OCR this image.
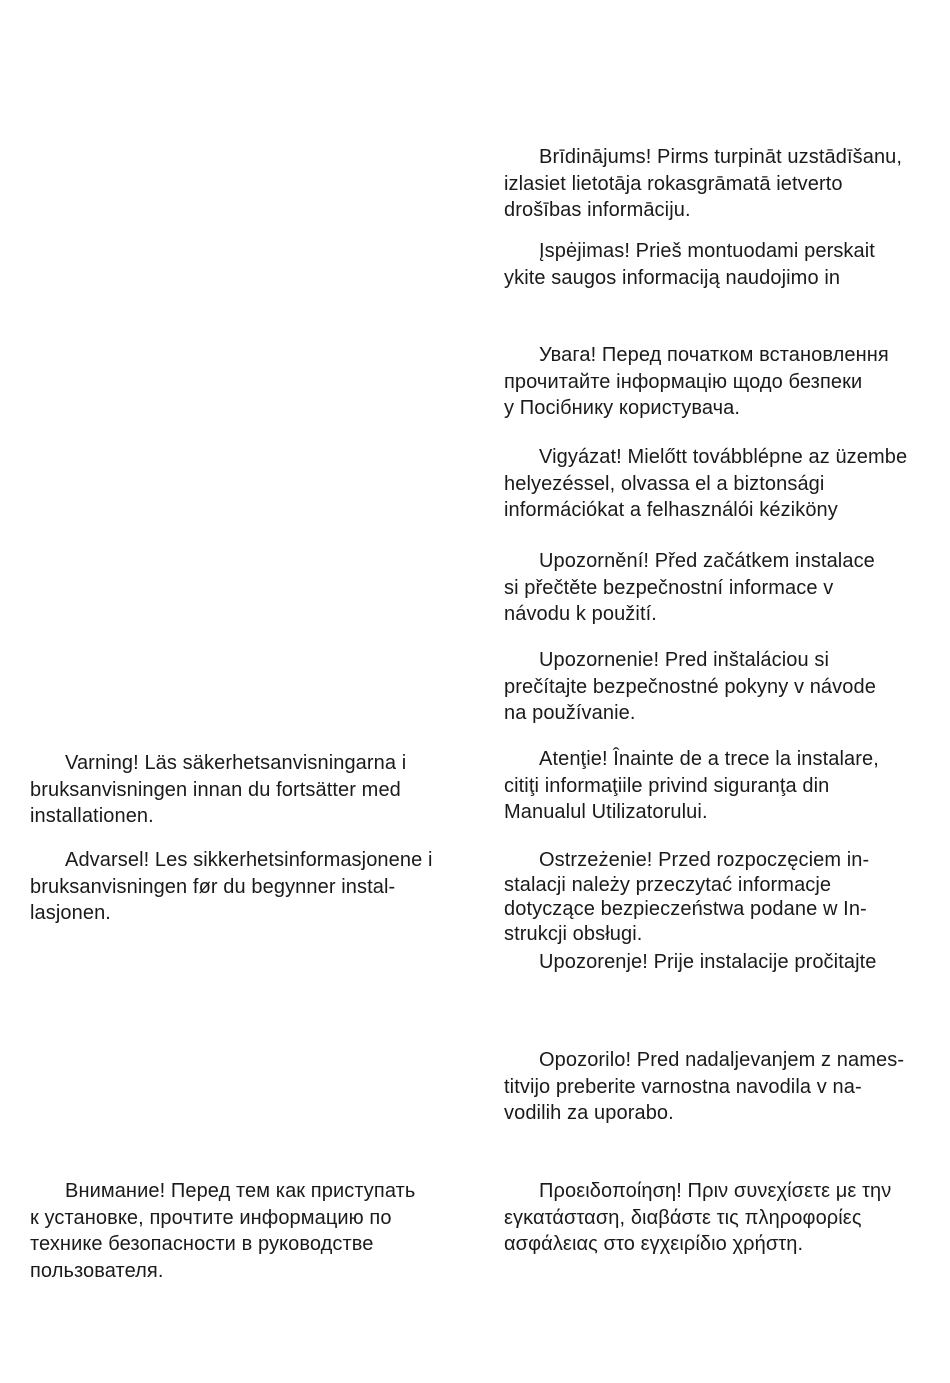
Brīdinājums! Pirms turpināt uzstādīšanu,
izlasiet lietotāja rokasgrāmatā ietverto
drošības informāciju.

Įspėjimas! Prieš montuodami perskait
ykite saugos informaciją naudojimo in

Увага! Перед початком встановлення
прочитайте інформацію щодо безпеки
у Посібнику користувача.

Vigyázat! Mielőtt továbblépne az üzembe
helyezéssel, olvassa el a biztonsági
információkat a felhasználói kéziköny

Upozornění! Před začátkem instalace
si přečtěte bezpečnostní informace v
návodu k použití.

Upozornenie! Pred inštaláciou si
prečítajte bezpečnostné pokyny v návode
na používanie.

Atenţie! Înainte de a trece la instalare,
citiţi informaţiile privind siguranţa din
Manualul Utilizatorului.

Ostrzeżenie! Przed rozpoczęciem in-
stalacji należy przeczytać informacje
dotyczące bezpieczeństwa podane w In-
strukcji obsługi.

Upozorenje! Prije instalacije pročitajte

Opozorilo! Pred nadaljevanjem z names-
titvijo preberite varnostna navodila v na-
vodilih za uporabo.

Προειδοποίηση! Πριν συνεχίσετε με την
εγκατάσταση, διαβάστε τις πληροφορίες
ασφάλειας στο εγχειρίδιο χρήστη.

Varning! Läs säkerhetsanvisningarna i
bruksanvisningen innan du fortsätter med
installationen.

Advarsel! Les sikkerhetsinformasjonene i
bruksanvisningen før du begynner instal-
lasjonen.

Внимание! Перед тем как приступать
к установке, прочтите информацию по
технике безопасности в руководстве
пользователя.
